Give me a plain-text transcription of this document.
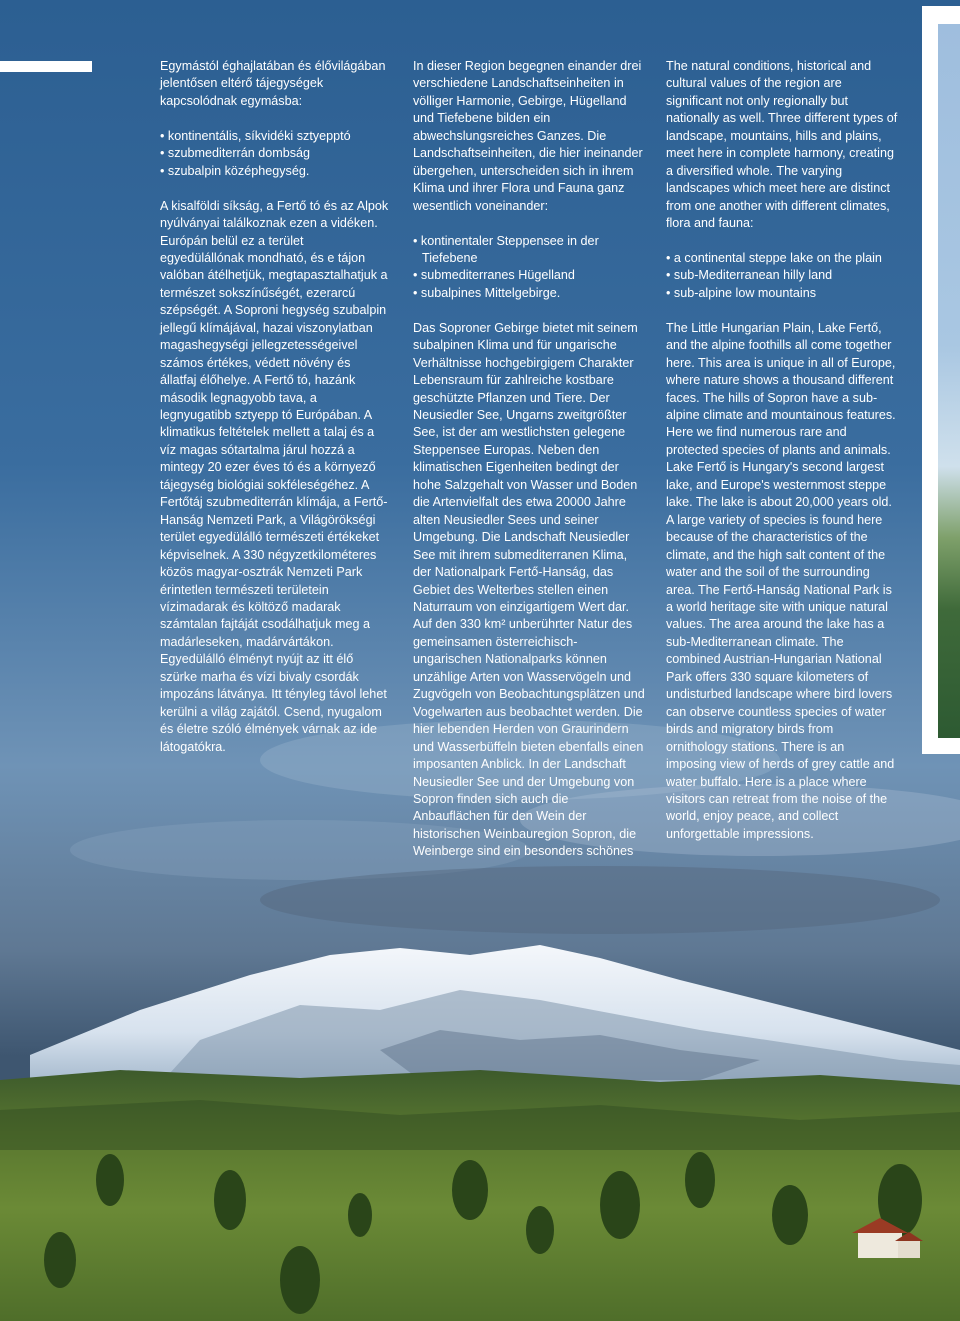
Egymástól éghajlatában és élővilágában jelentősen eltérő tájegységek kapcsolódnak egymásba:

• kontinentális, síkvidéki sztyepptó
• szubmediterrán dombság
• szubalpin középhegység.

A kisalföldi síkság, a Fertő tó és az Alpok nyúlványai találkoznak ezen a vidéken. Európán belül ez a terület egyedülállónak mondható, és e tájon valóban átélhetjük, megtapasztalhatjuk a természet sokszínűségét, ezerarcú szépségét. A Soproni hegység szubalpin jellegű klímájával, hazai viszonylatban magashegységi jellegzetességeivel számos értékes, védett növény és állatfaj élőhelye. A Fertő tó, hazánk második legnagyobb tava, a legnyugatibb sztyepp tó Európában. A klimatikus feltételek mellett a talaj és a víz magas sótartalma járul hozzá a mintegy 20 ezer éves tó és a környező tájegység biológiai sokféleségéhez. A Fertőtáj szubmediterrán klímája, a Fertő-Hanság Nemzeti Park, a Világörökségi terület egyedülálló természeti értékeket képviselnek. A 330 négyzetkilométeres közös magyar-osztrák Nemzeti Park érintetlen természeti területein vízimadarak és költöző madarak számtalan fajtáját csodálhatjuk meg a madárleseken, madárvártákon. Egyedülálló élményt nyújt az itt élő szürke marha és vízi bivaly csordák impozáns látványa. Itt tényleg távol lehet kerülni a világ zajától. Csend, nyugalom és életre szóló élmények várnak az ide látogatókra.

In dieser Region begegnen einander drei verschiedene Landschaftseinheiten in völliger Harmonie, Gebirge, Hügelland und Tiefebene bilden ein abwechslungsreiches Ganzes. Die Landschaftseinheiten, die hier ineinander übergehen, unterscheiden sich in ihrem Klima und ihrer Flora und Fauna ganz wesentlich voneinander:

• kontinentaler Steppensee in der Tiefebene
• submediterranes Hügelland
• subalpines Mittelgebirge.

Das Soproner Gebirge bietet mit seinem subalpinen Klima und für ungarische Verhältnisse hochgebirgigem Charakter Lebensraum für zahlreiche kostbare geschützte Pflanzen und Tiere. Der Neusiedler See, Ungarns zweitgrößter See, ist der am westlichsten gelegene Steppensee Europas. Neben den klimatischen Eigenheiten bedingt der hohe Salzgehalt von Wasser und Boden die Artenvielfalt des etwa 20000 Jahre alten Neusiedler Sees und seiner Umgebung. Die Landschaft Neusiedler See mit ihrem submediterranen Klima, der Nationalpark Fertő-Hanság, das Gebiet des Welterbes stellen einen Naturraum von einzigartigem Wert dar. Auf den 330 km² unberührter Natur des gemeinsamen österreichisch-ungarischen Nationalparks können unzählige Arten von Wasservögeln und Zugvögeln von Beobachtungsplätzen und Vogelwarten aus beobachtet werden. Die hier lebenden Herden von Graurindern und Wasserbüffeln bieten ebenfalls einen imposanten Anblick. In der Landschaft Neusiedler See und der Umgebung von Sopron finden sich auch die Anbauflächen für den Wein der historischen Weinbauregion Sopron, die Weinberge sind ein besonders schönes

The natural conditions, historical and cultural values of the region are significant not only regionally but nationally as well. Three different types of landscape, mountains, hills and plains, meet here in complete harmony, creating a diversified whole. The varying landscapes which meet here are distinct from one another with different climates, flora and fauna:

• a continental steppe lake on the plain
• sub-Mediterranean hilly land
• sub-alpine low mountains

The Little Hungarian Plain, Lake Fertő, and the alpine foothills all come together here. This area is unique in all of Europe, where nature shows a thousand different faces. The hills of Sopron have a sub-alpine climate and mountainous features. Here we find numerous rare and protected species of plants and animals. Lake Fertő is Hungary's second largest lake, and Europe's westernmost steppe lake. The lake is about 20,000 years old. A large variety of species is found here because of the characteristics of the climate, and the high salt content of the water and the soil of the surrounding area. The Fertő-Hanság National Park is a world heritage site with unique natural values. The area around the lake has a sub-Mediterranean climate. The combined Austrian-Hungarian National Park offers 330 square kilometers of undisturbed landscape where bird lovers can observe countless species of water birds and migratory birds from ornithology stations. There is an imposing view of herds of grey cattle and water buffalo. Here is a place where visitors can retreat from the noise of the world, enjoy peace, and collect unforgettable impressions.
